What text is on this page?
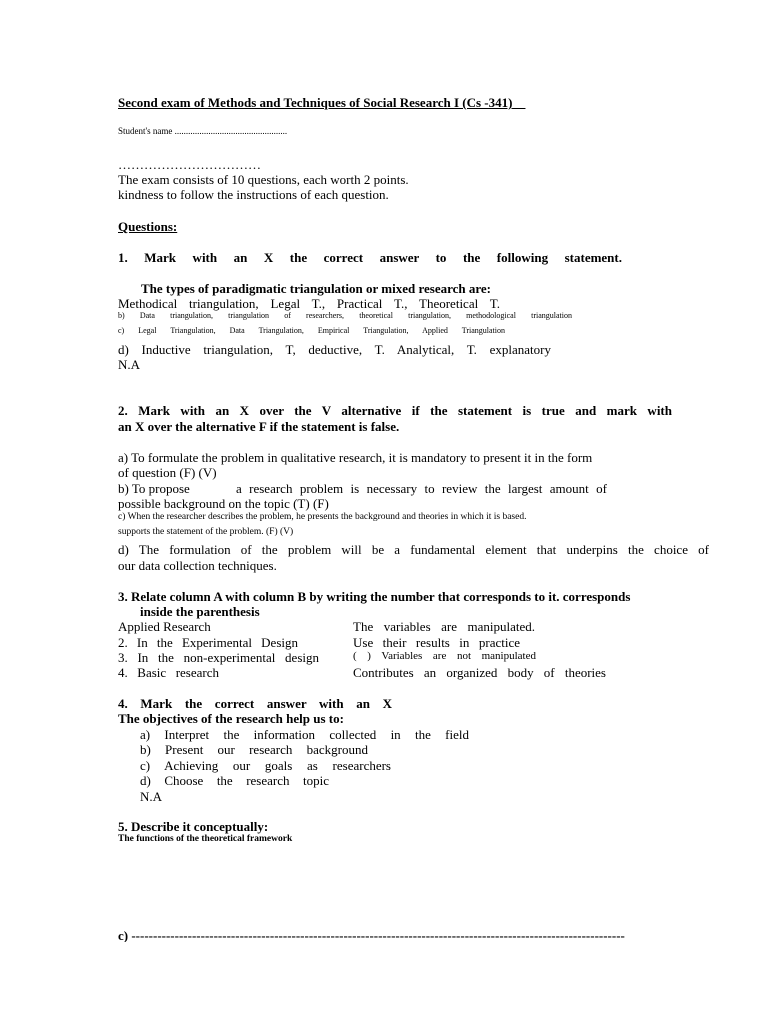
Second exam of Methods and Techniques of Social Research I (Cs -341)
Student's name ..................................................
……………………………
The exam consists of 10 questions, each worth 2 points.
kindness to follow the instructions of each question.
Questions:
1. Mark with an X the correct answer to the following statement.
The types of paradigmatic triangulation or mixed research are:
Methodical triangulation, Legal T., Practical T., Theoretical T.
b) Data triangulation, triangulation of researchers, theoretical triangulation, methodological triangulation
c) Legal Triangulation, Data Triangulation, Empirical Triangulation, Applied Triangulation
d) Inductive triangulation, T, deductive, T. Analytical, T. explanatory
N.A
2. Mark with an X over the V alternative if the statement is true and mark with
an X over the alternative F if the statement is false.
a) To formulate the problem in qualitative research, it is mandatory to present it in the form
of question (F) (V)
b) To propose	a research problem is necessary to review the largest amount of
possible background on the topic (T) (F)
c) When the researcher describes the problem, he presents the background and theories in which it is based.
supports the statement of the problem. (F) (V)
d) The formulation of the problem will be a fundamental element that underpins the choice of
our data collection techniques.
3. Relate column A with column B by writing the number that corresponds to it. corresponds
inside the parenthesis
Applied Research
2. In the Experimental Design
3. In the non-experimental design
4. Basic research
The variables are manipulated.
Use their results in practice
( ) Variables are not manipulated
Contributes an organized body of theories
4. Mark the correct answer with an X
The objectives of the research help us to:
a) Interpret the information collected in the field
b) Present our research background
c) Achieving our goals as researchers
d) Choose the research topic
N.A
5. Describe it conceptually:
The functions of the theoretical framework
c) ------------------------------------------------------------------------------------------------------------------
